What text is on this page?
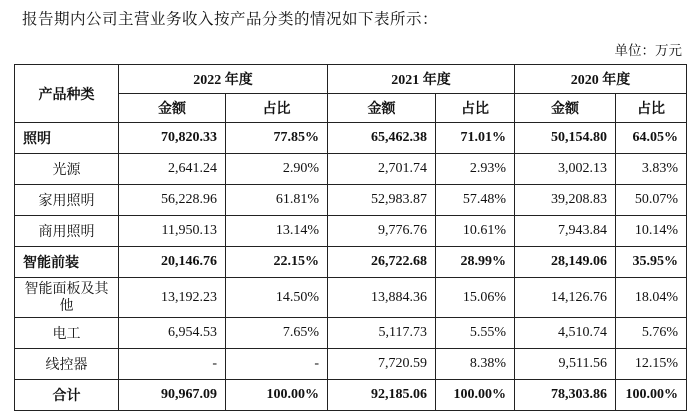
报告期内公司主营业务收入按产品分类的情况如下表所示：
单位：万元
产品种类	2022 年度		2021 年度		2020 年度	
	金额	占比	金额	占比	金额	占比
照明	70,820.33	77.85%	65,462.38	71.01%	50,154.80	64.05%
光源	2,641.24	2.90%	2,701.74	2.93%	3,002.13	3.83%
家用照明	56,228.96	61.81%	52,983.87	57.48%	39,208.83	50.07%
商用照明	11,950.13	13.14%	9,776.76	10.61%	7,943.84	10.14%
智能前装	20,146.76	22.15%	26,722.68	28.99%	28,149.06	35.95%
智能面板及其他	13,192.23	14.50%	13,884.36	15.06%	14,126.76	18.04%
电工	6,954.53	7.65%	5,117.73	5.55%	4,510.74	5.76%
线控器	-	-	7,720.59	8.38%	9,511.56	12.15%
合计	90,967.09	100.00%	92,185.06	100.00%	78,303.86	100.00%
